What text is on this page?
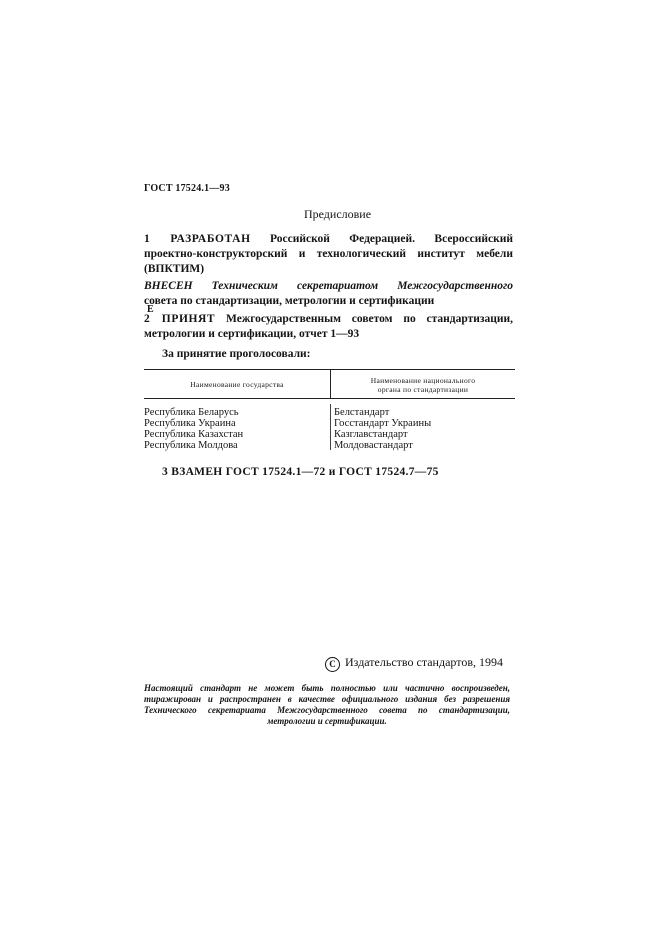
ГОСТ 17524.1—93
Предисловие
1 РАЗРАБОТАН Российской Федерацией. Всероссийский
проектно-конструкторский и технологический институт мебели
(ВПКТИМ)
ВНЕСЕН Техническим секретариатом Межгосударственного
совета по стандартизации, метрологии и сертификации
Е
2 ПРИНЯТ Межгосударственным советом по стандартизации,
метрологии и сертификации, отчет 1—93
За принятие проголосовали:
Наименование государства	Наименование национального
органа по стандартизации
Республика Беларусь
Республика Украина
Республика Казахстан
Республика Молдова
Белстандарт
Госстандарт Украины
Казглавстандарт
Молдовастандарт
3 ВЗАМЕН ГОСТ 17524.1—72 и ГОСТ 17524.7—75
С Издательство стандартов, 1994
Настоящий стандарт не может быть полностью или частично воспроизведен,
тиражирован и распространен в качестве официального издания без разрешения
Технического секретариата Межгосударственного совета по стандартизации,
метрологии и сертификации.
